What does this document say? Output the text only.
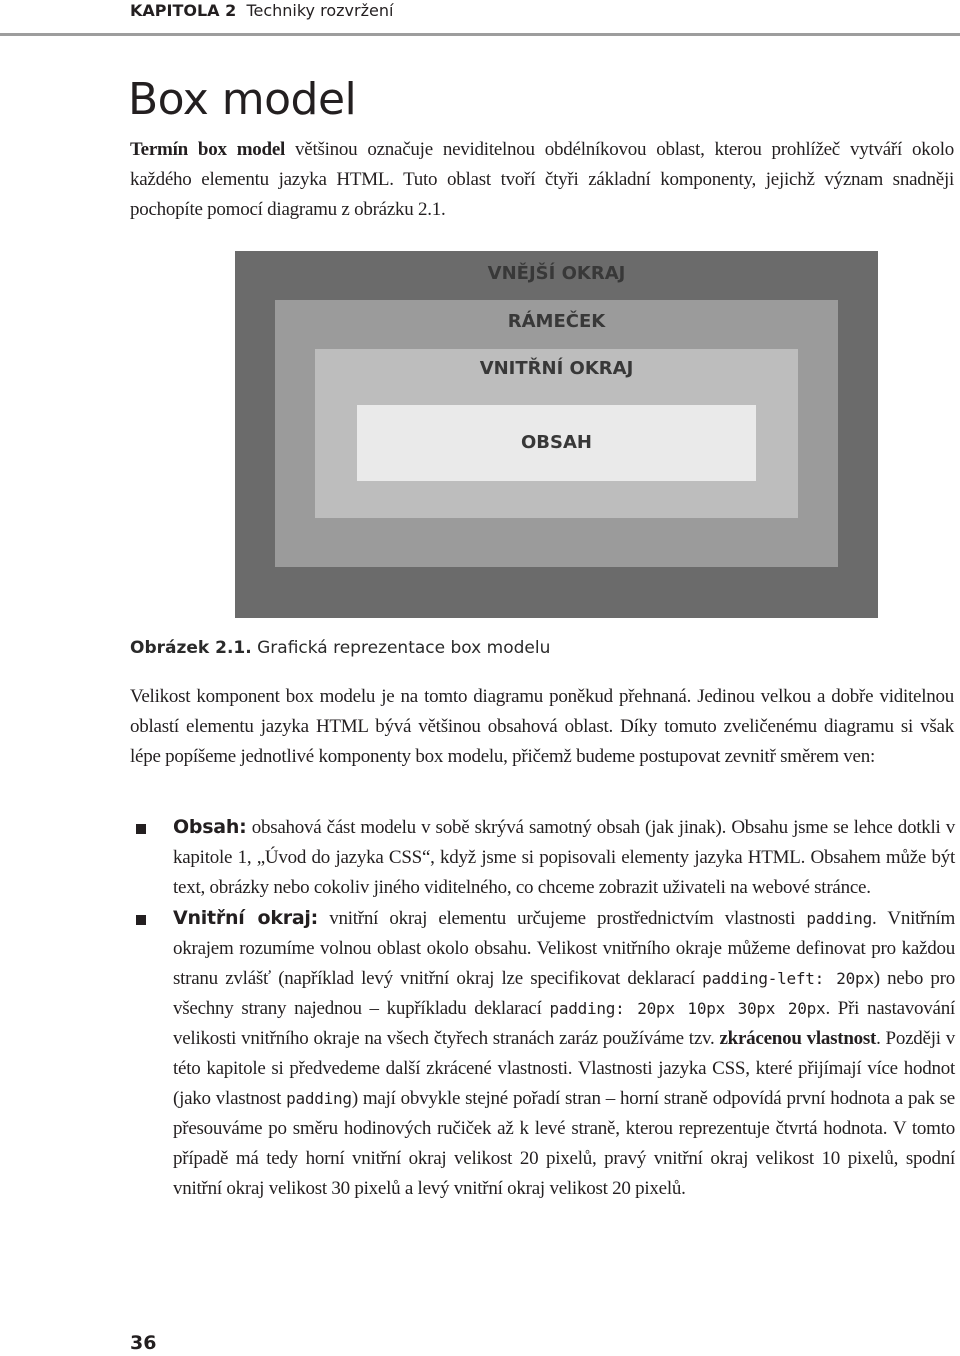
KAPITOLA 2 Techniky rozvržení
Box model

Termín box model většinou označuje neviditelnou obdélníkovou oblast, kterou prohlížeč vytváří okolo každého elementu jazyka HTML. Tuto oblast tvoří čtyři základní komponenty, jejichž význam snadněji pochopíte pomocí diagramu z obrázku 2.1.

VNĚJŠÍ OKRAJ
RÁMEČEK
VNITŘNÍ OKRAJ
OBSAH
Obrázek 2.1. Grafická reprezentace box modelu

Velikost komponent box modelu je na tomto diagramu poněkud přehnaná. Jedinou velkou a dobře viditelnou oblastí elementu jazyka HTML bývá většinou obsahová oblast. Díky tomuto zveličenému diagramu si však lépe popíšeme jednotlivé komponenty box modelu, přičemž budeme postupovat zevnitř směrem ven:

Obsah: obsahová část modelu v sobě skrývá samotný obsah (jak jinak). Obsahu jsme se lehce dotkli v kapitole 1, „Úvod do jazyka CSS“, když jsme si popisovali elementy jazyka HTML. Obsahem může být text, obrázky nebo cokoliv jiného viditelného, co chceme zobrazit uživateli na webové stránce.
Vnitřní okraj: vnitřní okraj elementu určujeme prostřednictvím vlastnosti padding. Vnitřním okrajem rozumíme volnou oblast okolo obsahu. Velikost vnitřního okraje můžeme definovat pro každou stranu zvlášť (například levý vnitřní okraj lze specifikovat deklarací padding-left: 20px) nebo pro všechny strany najednou – kupříkladu deklarací padding: 20px 10px 30px 20px. Při nastavování velikosti vnitřního okraje na všech čtyřech stranách zaráz používáme tzv. zkrácenou vlastnost. Později v této kapitole si předvedeme další zkrácené vlastnosti. Vlastnosti jazyka CSS, které přijímají více hodnot (jako vlastnost padding) mají obvykle stejné pořadí stran – horní straně odpovídá první hodnota a pak se přesouváme po směru hodinových ručiček až k levé straně, kterou reprezentuje čtvrtá hodnota. V tomto případě má tedy horní vnitřní okraj velikost 20 pixelů, pravý vnitřní okraj velikost 10 pixelů, spodní vnitřní okraj velikost 30 pixelů a levý vnitřní okraj velikost 20 pixelů.
36
